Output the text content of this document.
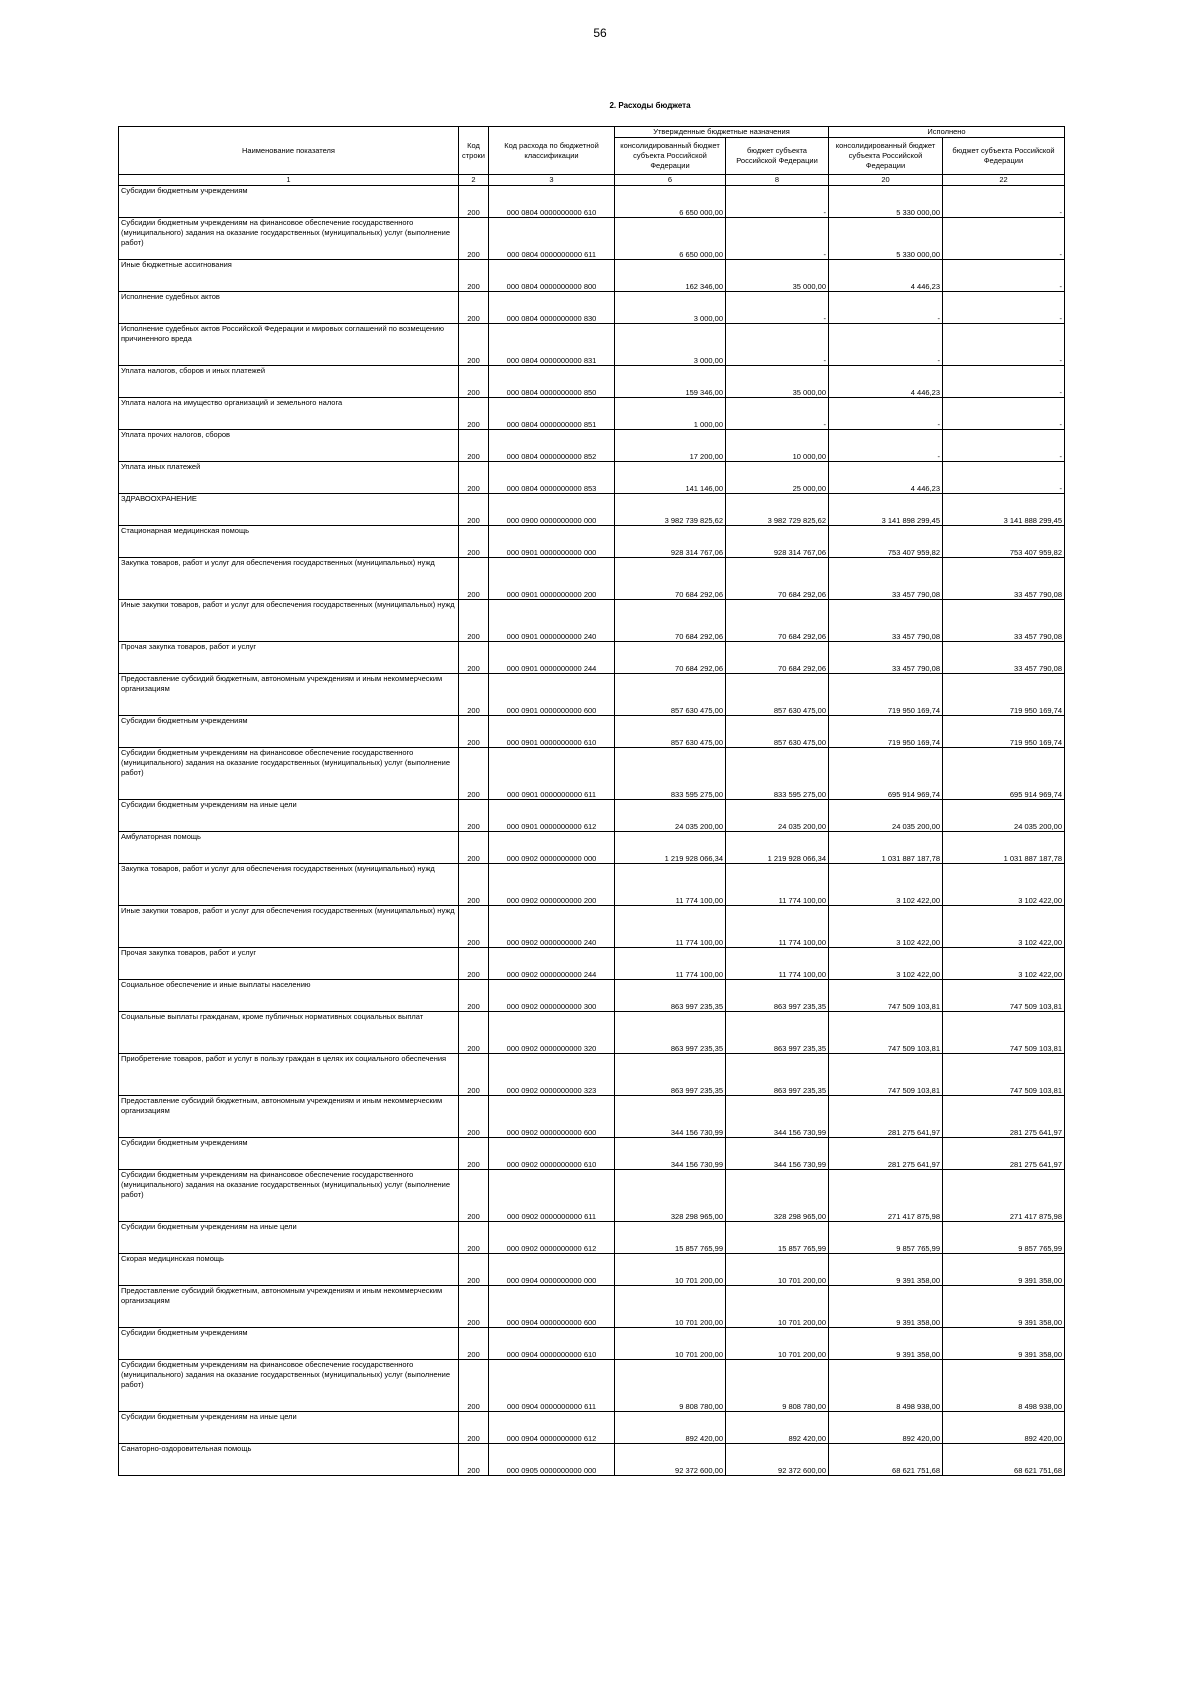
56
2. Расходы бюджета
Наименование показателя	Код строки	Код расхода по бюджетной классификации	Утвержденные бюджетные назначения		Исполнено	
			консолидированный бюджет субъекта Российской Федерации	бюджет субъекта Российской Федерации	консолидированный бюджет субъекта Российской Федерации	бюджет субъекта Российской Федерации
1	2	3	6	8	20	22
Субсидии бюджетным учреждениям	200	000 0804 0000000000 610	6 650 000,00	-	5 330 000,00	-
Субсидии бюджетным учреждениям на финансовое обеспечение государственного (муниципального) задания на оказание государственных (муниципальных) услуг (выполнение работ)	200	000 0804 0000000000 611	6 650 000,00	-	5 330 000,00	-
Иные бюджетные ассигнования	200	000 0804 0000000000 800	162 346,00	35 000,00	4 446,23	-
Исполнение судебных актов	200	000 0804 0000000000 830	3 000,00	-	-	-
Исполнение судебных актов Российской Федерации и мировых соглашений по возмещению причиненного вреда	200	000 0804 0000000000 831	3 000,00	-	-	-
Уплата налогов, сборов и иных платежей	200	000 0804 0000000000 850	159 346,00	35 000,00	4 446,23	-
Уплата налога на имущество организаций и земельного налога	200	000 0804 0000000000 851	1 000,00	-	-	-
Уплата прочих налогов, сборов	200	000 0804 0000000000 852	17 200,00	10 000,00	-	-
Уплата иных платежей	200	000 0804 0000000000 853	141 146,00	25 000,00	4 446,23	-
ЗДРАВООХРАНЕНИЕ	200	000 0900 0000000000 000	3 982 739 825,62	3 982 729 825,62	3 141 898 299,45	3 141 888 299,45
Стационарная медицинская помощь	200	000 0901 0000000000 000	928 314 767,06	928 314 767,06	753 407 959,82	753 407 959,82
Закупка товаров, работ и услуг для обеспечения государственных (муниципальных) нужд	200	000 0901 0000000000 200	70 684 292,06	70 684 292,06	33 457 790,08	33 457 790,08
Иные закупки товаров, работ и услуг для обеспечения государственных (муниципальных) нужд	200	000 0901 0000000000 240	70 684 292,06	70 684 292,06	33 457 790,08	33 457 790,08
Прочая закупка товаров, работ и услуг	200	000 0901 0000000000 244	70 684 292,06	70 684 292,06	33 457 790,08	33 457 790,08
Предоставление субсидий бюджетным, автономным учреждениям и иным некоммерческим организациям	200	000 0901 0000000000 600	857 630 475,00	857 630 475,00	719 950 169,74	719 950 169,74
Субсидии бюджетным учреждениям	200	000 0901 0000000000 610	857 630 475,00	857 630 475,00	719 950 169,74	719 950 169,74
Субсидии бюджетным учреждениям на финансовое обеспечение государственного (муниципального) задания на оказание государственных (муниципальных) услуг (выполнение работ)	200	000 0901 0000000000 611	833 595 275,00	833 595 275,00	695 914 969,74	695 914 969,74
Субсидии бюджетным учреждениям на иные цели	200	000 0901 0000000000 612	24 035 200,00	24 035 200,00	24 035 200,00	24 035 200,00
Амбулаторная помощь	200	000 0902 0000000000 000	1 219 928 066,34	1 219 928 066,34	1 031 887 187,78	1 031 887 187,78
Закупка товаров, работ и услуг для обеспечения государственных (муниципальных) нужд	200	000 0902 0000000000 200	11 774 100,00	11 774 100,00	3 102 422,00	3 102 422,00
Иные закупки товаров, работ и услуг для обеспечения государственных (муниципальных) нужд	200	000 0902 0000000000 240	11 774 100,00	11 774 100,00	3 102 422,00	3 102 422,00
Прочая закупка товаров, работ и услуг	200	000 0902 0000000000 244	11 774 100,00	11 774 100,00	3 102 422,00	3 102 422,00
Социальное обеспечение и иные выплаты населению	200	000 0902 0000000000 300	863 997 235,35	863 997 235,35	747 509 103,81	747 509 103,81
Социальные выплаты гражданам, кроме публичных нормативных социальных выплат	200	000 0902 0000000000 320	863 997 235,35	863 997 235,35	747 509 103,81	747 509 103,81
Приобретение товаров, работ и услуг в пользу граждан в целях их социального обеспечения	200	000 0902 0000000000 323	863 997 235,35	863 997 235,35	747 509 103,81	747 509 103,81
Предоставление субсидий бюджетным, автономным учреждениям и иным некоммерческим организациям	200	000 0902 0000000000 600	344 156 730,99	344 156 730,99	281 275 641,97	281 275 641,97
Субсидии бюджетным учреждениям	200	000 0902 0000000000 610	344 156 730,99	344 156 730,99	281 275 641,97	281 275 641,97
Субсидии бюджетным учреждениям на финансовое обеспечение государственного (муниципального) задания на оказание государственных (муниципальных) услуг (выполнение работ)	200	000 0902 0000000000 611	328 298 965,00	328 298 965,00	271 417 875,98	271 417 875,98
Субсидии бюджетным учреждениям на иные цели	200	000 0902 0000000000 612	15 857 765,99	15 857 765,99	9 857 765,99	9 857 765,99
Скорая медицинская помощь	200	000 0904 0000000000 000	10 701 200,00	10 701 200,00	9 391 358,00	9 391 358,00
Предоставление субсидий бюджетным, автономным учреждениям и иным некоммерческим организациям	200	000 0904 0000000000 600	10 701 200,00	10 701 200,00	9 391 358,00	9 391 358,00
Субсидии бюджетным учреждениям	200	000 0904 0000000000 610	10 701 200,00	10 701 200,00	9 391 358,00	9 391 358,00
Субсидии бюджетным учреждениям на финансовое обеспечение государственного (муниципального) задания на оказание государственных (муниципальных) услуг (выполнение работ)	200	000 0904 0000000000 611	9 808 780,00	9 808 780,00	8 498 938,00	8 498 938,00
Субсидии бюджетным учреждениям на иные цели	200	000 0904 0000000000 612	892 420,00	892 420,00	892 420,00	892 420,00
Санаторно-оздоровительная помощь	200	000 0905 0000000000 000	92 372 600,00	92 372 600,00	68 621 751,68	68 621 751,68
